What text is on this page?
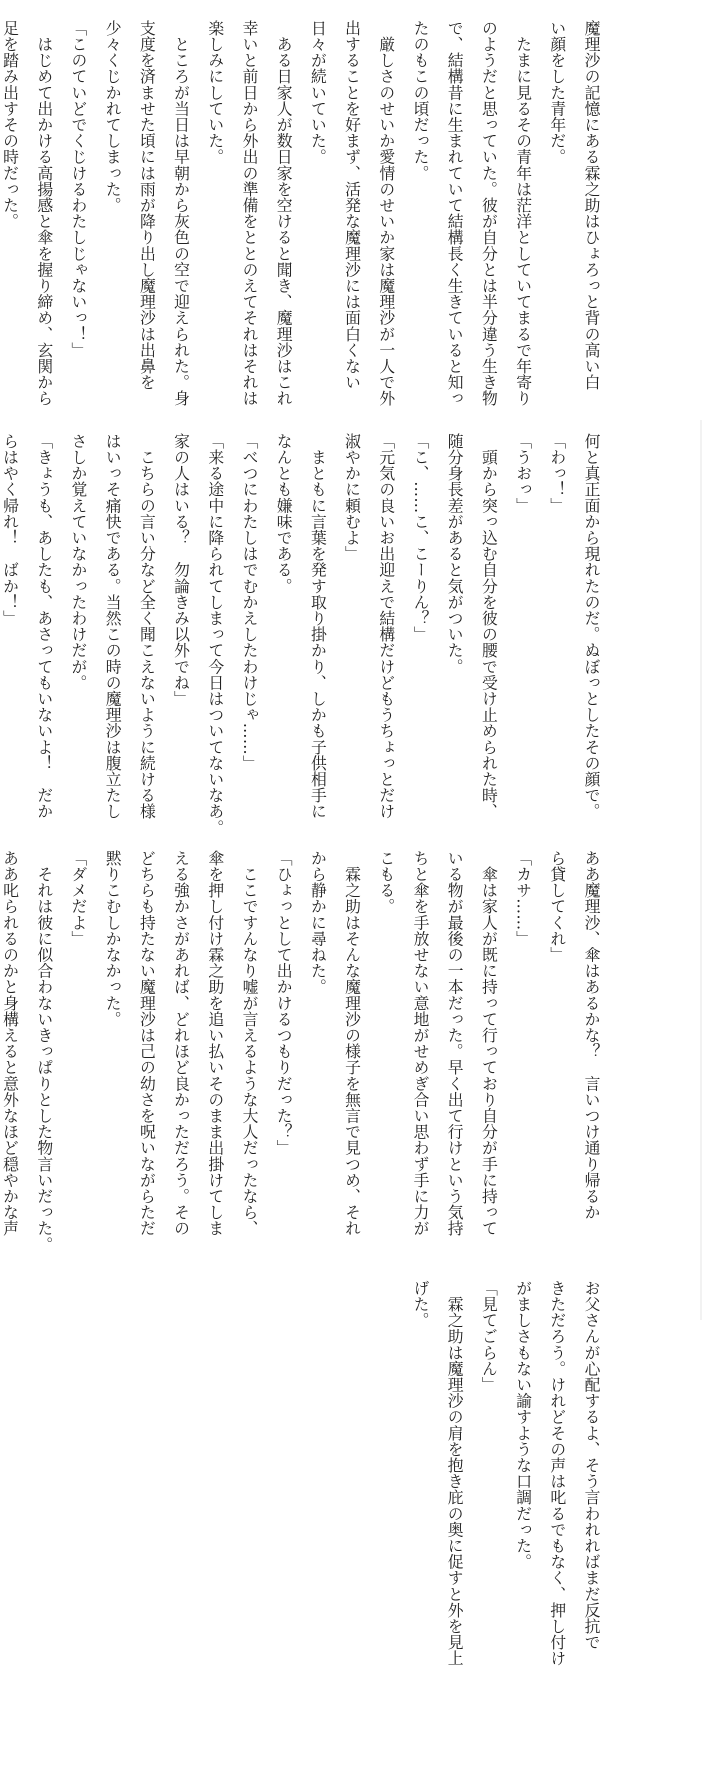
魔理沙の記憶にある霖之助はひょろっと背の高い白

い顔をした青年だ。

　たまに見るその青年は茫洋としていてまるで年寄り

のようだと思っていた。彼が自分とは半分違う生き物

で、結構昔に生まれていて結構長く生きていると知っ

たのもこの頃だった。

　厳しさのせいか愛情のせいか家は魔理沙が一人で外

出することを好まず、活発な魔理沙には面白くない

日々が続いていた。

　ある日家人が数日家を空けると聞き、魔理沙はこれ

幸いと前日から外出の準備をととのえてそれはそれは

楽しみにしていた。

　ところが当日は早朝から灰色の空で迎えられた。身

支度を済ませた頃には雨が降り出し魔理沙は出鼻を

少々くじかれてしまった。

「このていどでくじけるわたしじゃないっ！」

　はじめて出かける高揚感と傘を握り締め、玄関から

足を踏み出すその時だった。

何と真正面から現れたのだ。ぬぼっとしたその顔で。

「わっ！」

「うおっ」

　頭から突っ込む自分を彼の腰で受け止められた時、

随分身長差があると気がついた。

「こ、……こ、こーりん？」

「元気の良いお出迎えで結構だけどもうちょっとだけ

淑やかに頼むよ」

　まともに言葉を発す取り掛かり、しかも子供相手に

なんとも嫌味である。

「べつにわたしはでむかえしたわけじゃ……」

「来る途中に降られてしまって今日はついてないなあ。

家の人はいる？　勿論きみ以外でね」

　こちらの言い分など全く聞こえないように続ける様

はいっそ痛快である。当然この時の魔理沙は腹立たし

さしか覚えていなかったわけだが。

「きょうも、あしたも、あさってもいないよ！　だか

らはやく帰れ！　ばか！」

ああ魔理沙、傘はあるかな？　言いつけ通り帰るか

ら貸してくれ」

「カサ……」

　傘は家人が既に持って行っており自分が手に持って

いる物が最後の一本だった。早く出て行けという気持

ちと傘を手放せない意地がせめぎ合い思わず手に力が

こもる。

　霖之助はそんな魔理沙の様子を無言で見つめ、それ

から静かに尋ねた。

「ひょっとして出かけるつもりだった？」

　ここですんなり嘘が言えるような大人だったなら、

傘を押し付け霖之助を追い払いそのまま出掛けてしま

える強かさがあれば、どれほど良かっただろう。その

どちらも持たない魔理沙は己の幼さを呪いながらただ

黙りこむしかなかった。

「ダメだよ」

　それは彼に似合わないきっぱりとした物言いだった。

ああ叱られるのかと身構えると意外なほど穏やかな声

お父さんが心配するよ、そう言われればまだ反抗で

きただろう。けれどその声は叱るでもなく、押し付け

がましさもない諭すような口調だった。

「見てごらん」

　霖之助は魔理沙の肩を抱き庇の奥に促すと外を見上

げた。
